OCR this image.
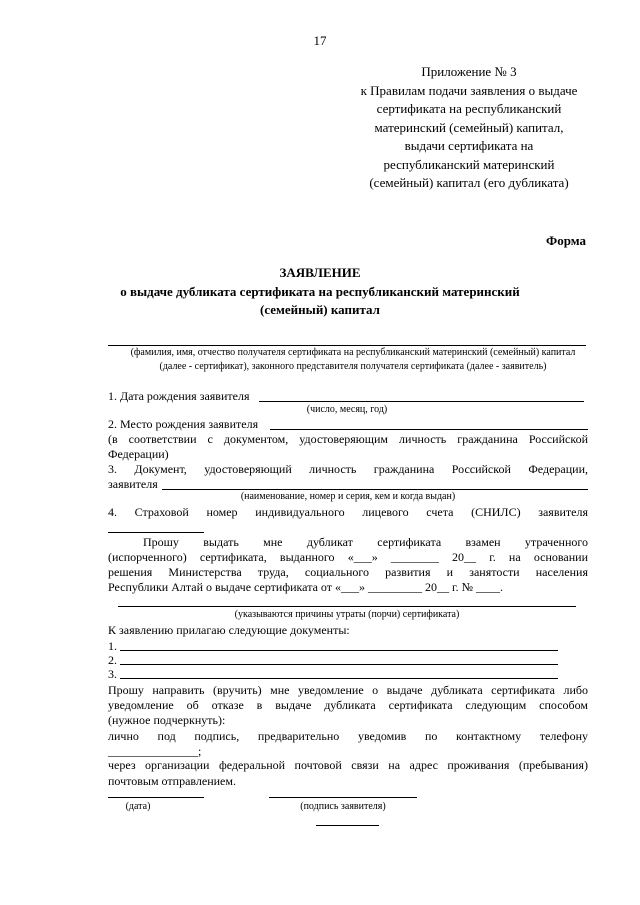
17
Приложение № 3
к Правилам подачи заявления о выдаче сертификата на республиканский материнский (семейный) капитал, выдачи сертификата на республиканский материнский (семейный) капитал (его дубликата)
Форма
ЗАЯВЛЕНИЕ
о выдаче дубликата сертификата на республиканский материнский (семейный) капитал
(фамилия, имя, отчество получателя сертификата на республиканский материнский (семейный) капитал (далее - сертификат), законного представителя получателя сертификата (далее - заявитель)
1. Дата рождения заявителя
(число, месяц, год)
2. Место рождения заявителя
(в соответствии с документом, удостоверяющим личность гражданина Российской
Федерации)
3. Документ, удостоверяющий личность гражданина Российской Федерации,
заявителя
(наименование, номер и серия, кем и когда выдан)
4. Страховой номер индивидуального лицевого счета (СНИЛС) заявителя
Прошу выдать мне дубликат сертификата взамен утраченного
(испорченного) сертификата, выданного «___» ________ 20__ г. на основании
решения Министерства труда, социального развития и занятости населения
Республики Алтай о выдаче сертификата от «___» _________ 20__ г. № ____.
(указываются причины утраты (порчи) сертификата)
К заявлению прилагаю следующие документы:
1.
2.
3.
Прошу направить (вручить) мне уведомление о выдаче дубликата сертификата либо
уведомление об отказе в выдаче дубликата сертификата следующим способом
(нужное подчеркнуть):
лично под подпись, предварительно уведомив по контактному телефону
_______________;
через организации федеральной почтовой связи на адрес проживания (пребывания) почтовым отправлением.
(дата)	(подпись заявителя)
